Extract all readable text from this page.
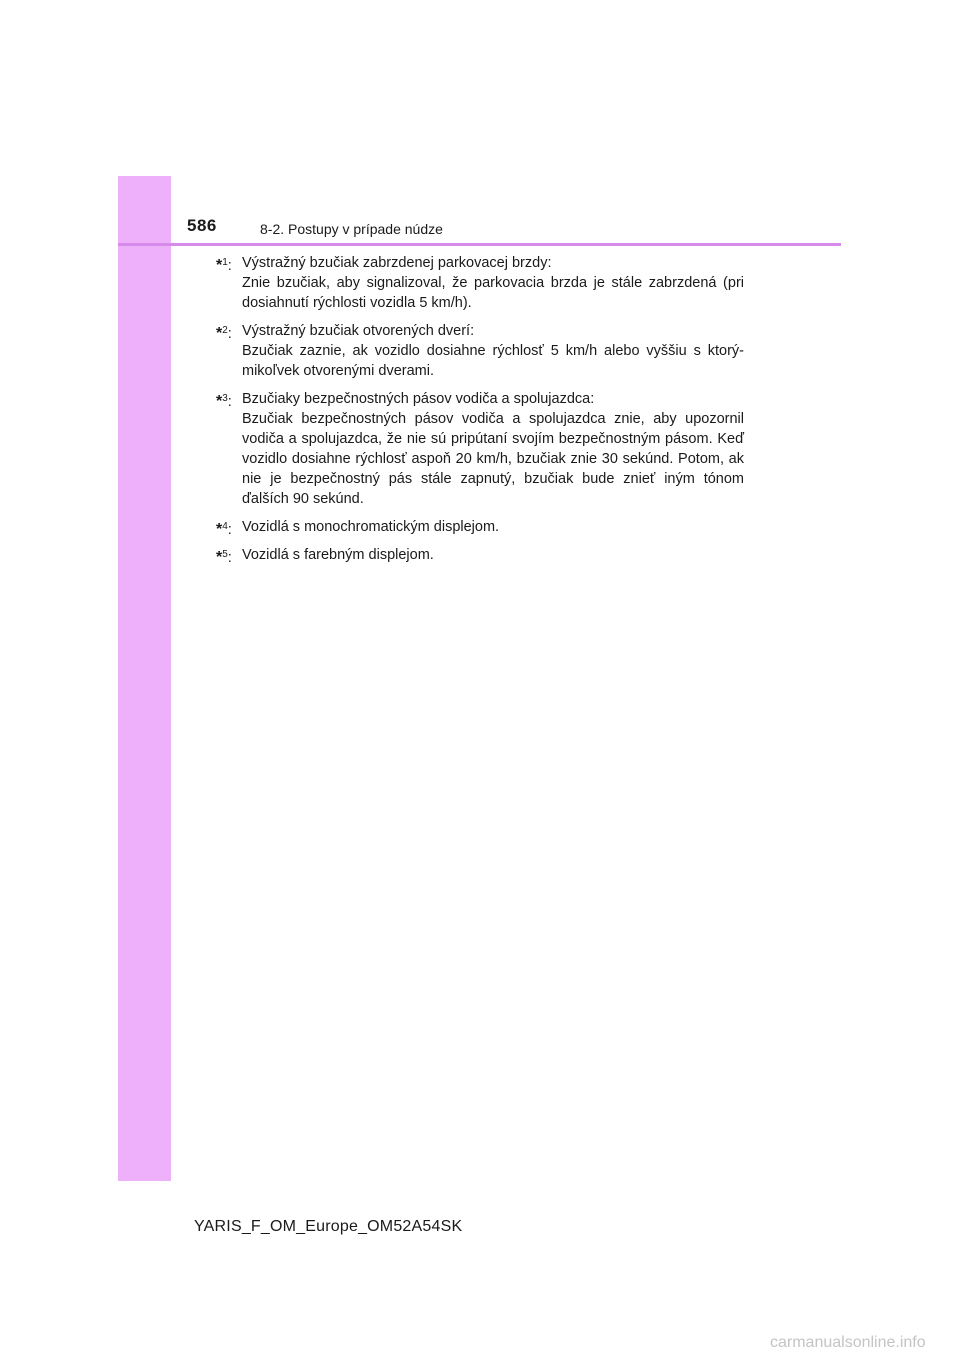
586	8-2. Postupy v prípade núdze
*$^1$: Výstražný bzučiak zabrzdenej parkovacej brzdy:
Znie bzučiak, aby signalizoval, že parkovacia brzda je stále zabrzdená (pri dosiahnutí rýchlosti vozidla 5 km/h).
*$^2$: Výstražný bzučiak otvorených dverí:
Bzučiak zaznie, ak vozidlo dosiahne rýchlosť 5 km/h alebo vyššiu s ktorý-mikoľvek otvorenými dverami.
*$^3$: Bzučiaky bezpečnostných pásov vodiča a spolujazdca:
Bzučiak bezpečnostných pásov vodiča a spolujazdca znie, aby upozornil vodiča a spolujazdca, že nie sú pripútaní svojím bezpečnostným pásom. Keď vozidlo dosiahne rýchlosť aspoň 20 km/h, bzučiak znie 30 sekúnd. Potom, ak nie je bezpečnostný pás stále zapnutý, bzučiak bude znieť iným tónom ďalších 90 sekúnd.
*$^4$: Vozidlá s monochromatickým displejom.
*$^5$: Vozidlá s farebným displejom.
YARIS_F_OM_Europe_OM52A54SK
carmanualsonline.info
